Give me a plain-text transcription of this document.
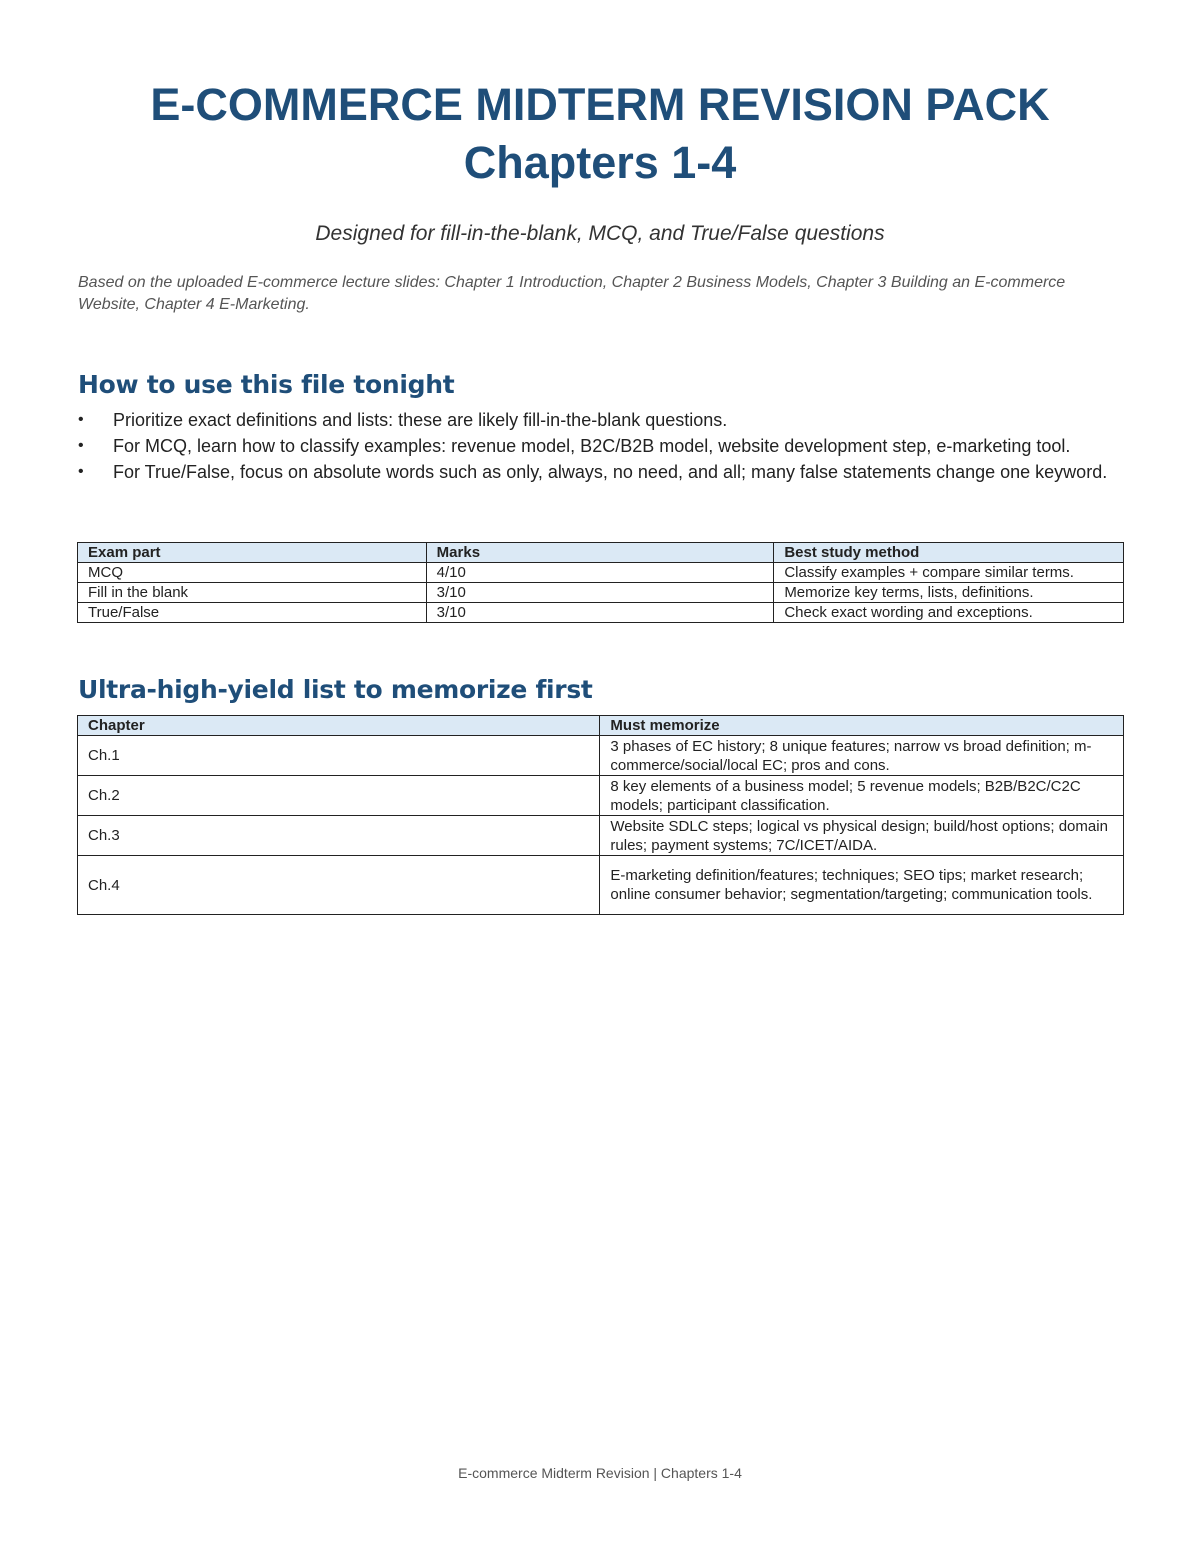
E-COMMERCE MIDTERM REVISION PACK
Chapters 1-4
Designed for fill-in-the-blank, MCQ, and True/False questions
Based on the uploaded E-commerce lecture slides: Chapter 1 Introduction, Chapter 2 Business Models, Chapter 3 Building an E-commerce Website, Chapter 4 E-Marketing.
How to use this file tonight
• Prioritize exact definitions and lists: these are likely fill-in-the-blank questions.
• For MCQ, learn how to classify examples: revenue model, B2C/B2B model, website development step, e-marketing tool.
• For True/False, focus on absolute words such as only, always, no need, and all; many false statements change one keyword.
Exam part	Marks	Best study method
MCQ	4/10	Classify examples + compare similar terms.
Fill in the blank	3/10	Memorize key terms, lists, definitions.
True/False	3/10	Check exact wording and exceptions.
Ultra-high-yield list to memorize first
Chapter	Must memorize
Ch.1	3 phases of EC history; 8 unique features; narrow vs broad definition; m-commerce/social/local EC; pros and cons.
Ch.2	8 key elements of a business model; 5 revenue models; B2B/B2C/C2C models; participant classification.
Ch.3	Website SDLC steps; logical vs physical design; build/host options; domain rules; payment systems; 7C/ICET/AIDA.
Ch.4	E-marketing definition/features; techniques; SEO tips; market research; online consumer behavior; segmentation/targeting; communication tools.
E-commerce Midterm Revision | Chapters 1-4
